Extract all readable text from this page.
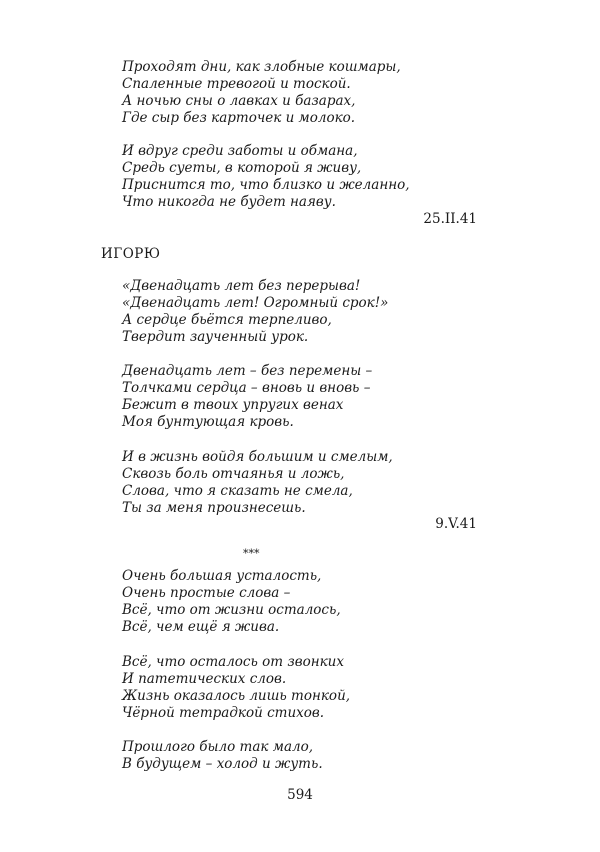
Проходят дни, как злобные кошмары,
Спаленные тревогой и тоской.
А ночью сны о лавках и базарах,
Где сыр без карточек и молоко.
И вдруг среди заботы и обмана,
Средь суеты, в которой я живу,
Приснится то, что близко и желанно,
Что никогда не будет наяву.
25.II.41
ИГОРЮ
«Двенадцать лет без перерыва!
«Двенадцать лет! Огромный срок!»
А сердце бьётся терпеливо,
Твердит заученный урок.
Двенадцать лет – без перемены –
Толчками сердца – вновь и вновь –
Бежит в твоих упругих венах
Моя бунтующая кровь.
И в жизнь войдя большим и смелым,
Сквозь боль отчаянья и ложь,
Слова, что я сказать не смела,
Ты за меня произнесешь.
9.V.41
***
Очень большая усталость,
Очень простые слова –
Всё, что от жизни осталось,
Всё, чем ещё я жива.
Всё, что осталось от звонких
И патетических слов.
Жизнь оказалось лишь тонкой,
Чёрной тетрадкой стихов.
Прошлого было так мало,
В будущем – холод и жуть.
594
